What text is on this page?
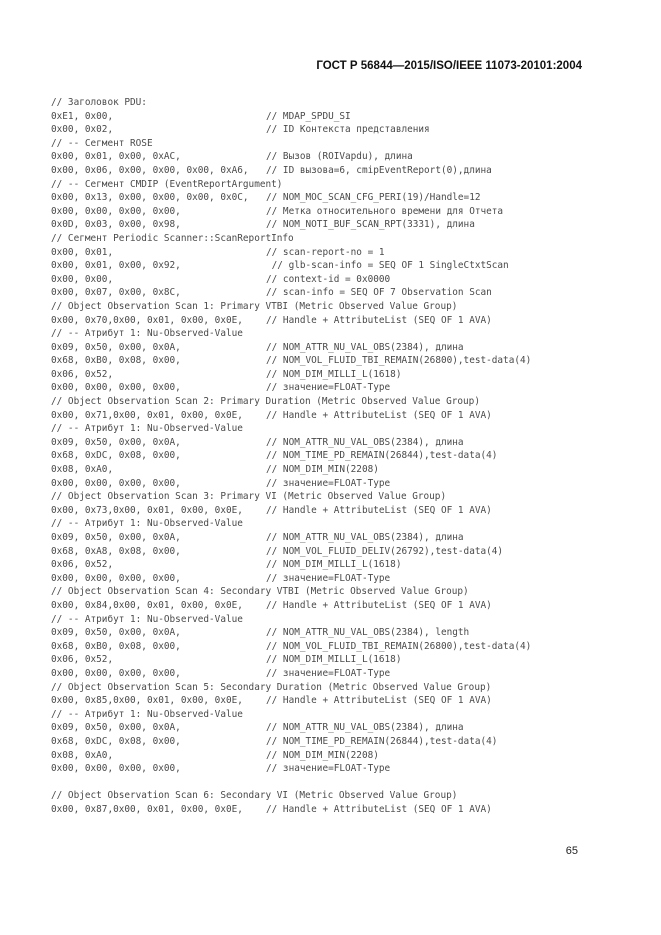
ГОСТ Р 56844—2015/ISO/IEEE 11073-20101:2004
// Заголовок PDU:
0xE1, 0x00,	// MDAP_SPDU_SI
0x00, 0x02,	// ID Контекста представления
// -- Сегмент ROSE
0x00, 0x01, 0x00, 0xAC,	// Вызов (ROIVapdu), длина
0x00, 0x06, 0x00, 0x00, 0x00, 0xA6, // ID вызова=6, cmipEventReport(0),длина
// -- Сегмент CMDIP (EventReportArgument)
0x00, 0x13, 0x00, 0x00, 0x00, 0x0C, // NOM_MOC_SCAN_CFG_PERI(19)/Handle=12
0x00, 0x00, 0x00, 0x00,	// Метка относительного времени для Отчета
0x0D, 0x03, 0x00, 0x98,	// NOM_NOTI_BUF_SCAN_RPT(3331), длина
// Сегмент Periodic Scanner::ScanReportInfo
0x00, 0x01,	// scan-report-no = 1
0x00, 0x01, 0x00, 0x92,	// glb-scan-info = SEQ OF 1 SingleCtxtScan
0x00, 0x00,	// context-id = 0x0000
0x00, 0x07, 0x00, 0x8C,	// scan-info = SEQ OF 7 Observation Scan
// Object Observation Scan 1: Primary VTBI (Metric Observed Value Group)
0x00, 0x70,0x00, 0x01, 0x00, 0x0E, // Handle + AttributeList (SEQ OF 1 AVA)
// -- Атрибут 1: Nu-Observed-Value
0x09, 0x50, 0x00, 0x0A,	// NOM_ATTR_NU_VAL_OBS(2384), длина
0x68, 0xB0, 0x08, 0x00,	// NOM_VOL_FLUID_TBI_REMAIN(26800),test-data(4)
0x06, 0x52,	// NOM_DIM_MILLI_L(1618)
0x00, 0x00, 0x00, 0x00,	// значение=FLOAT-Type
// Object Observation Scan 2: Primary Duration (Metric Observed Value Group)
0x00, 0x71,0x00, 0x01, 0x00, 0x0E, // Handle + AttributeList (SEQ OF 1 AVA)
// -- Атрибут 1: Nu-Observed-Value
0x09, 0x50, 0x00, 0x0A,	// NOM_ATTR_NU_VAL_OBS(2384), длина
0x68, 0xDC, 0x08, 0x00,	// NOM_TIME_PD_REMAIN(26844),test-data(4)
0x08, 0xA0,	// NOM_DIM_MIN(2208)
0x00, 0x00, 0x00, 0x00,	// значение=FLOAT-Type
// Object Observation Scan 3: Primary VI (Metric Observed Value Group)
0x00, 0x73,0x00, 0x01, 0x00, 0x0E, // Handle + AttributeList (SEQ OF 1 AVA)
// -- Атрибут 1: Nu-Observed-Value
0x09, 0x50, 0x00, 0x0A,	// NOM_ATTR_NU_VAL_OBS(2384), длина
0x68, 0xA8, 0x08, 0x00,	// NOM_VOL_FLUID_DELIV(26792),test-data(4)
0x06, 0x52,	// NOM_DIM_MILLI_L(1618)
0x00, 0x00, 0x00, 0x00,	// значение=FLOAT-Type
// Object Observation Scan 4: Secondary VTBI (Metric Observed Value Group)
0x00, 0x84,0x00, 0x01, 0x00, 0x0E, // Handle + AttributeList (SEQ OF 1 AVA)
// -- Атрибут 1: Nu-Observed-Value
0x09, 0x50, 0x00, 0x0A,	// NOM_ATTR_NU_VAL_OBS(2384), length
0x68, 0xB0, 0x08, 0x00,	// NOM_VOL_FLUID_TBI_REMAIN(26800),test-data(4)
0x06, 0x52,	// NOM_DIM_MILLI_L(1618)
0x00, 0x00, 0x00, 0x00,	// значение=FLOAT-Type
// Object Observation Scan 5: Secondary Duration (Metric Observed Value Group)
0x00, 0x85,0x00, 0x01, 0x00, 0x0E, // Handle + AttributeList (SEQ OF 1 AVA)
// -- Атрибут 1: Nu-Observed-Value
0x09, 0x50, 0x00, 0x0A,	// NOM_ATTR_NU_VAL_OBS(2384), длина
0x68, 0xDC, 0x08, 0x00,	// NOM_TIME_PD_REMAIN(26844),test-data(4)
0x08, 0xA0,	// NOM_DIM_MIN(2208)
0x00, 0x00, 0x00, 0x00,	// значение=FLOAT-Type
// Object Observation Scan 6: Secondary VI (Metric Observed Value Group)
0x00, 0x87,0x00, 0x01, 0x00, 0x0E, // Handle + AttributeList (SEQ OF 1 AVA)
65
